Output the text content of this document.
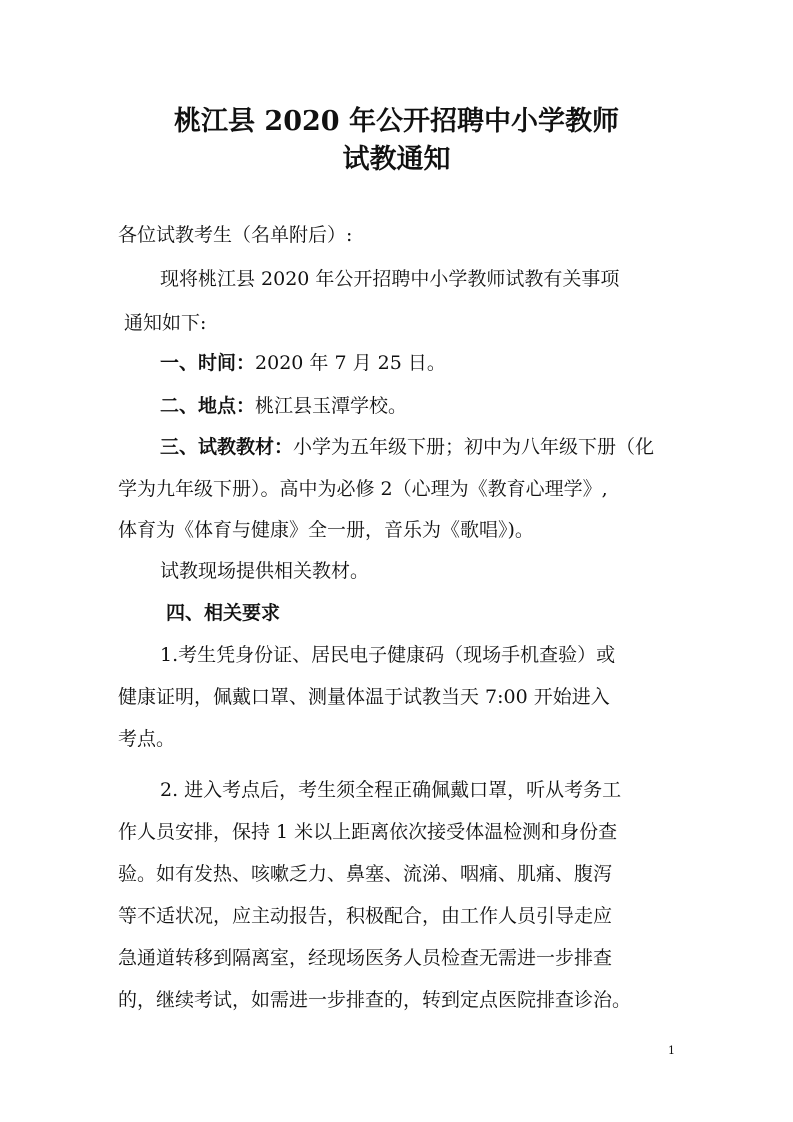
桃江县 2020 年公开招聘中小学教师
试教通知

各位试教考生（名单附后）:

现将桃江县 2020 年公开招聘中小学教师试教有关事项

通知如下:

一、时间：2020 年 7 月 25 日。

二、地点：桃江县玉潭学校。

三、试教教材：小学为五年级下册；初中为八年级下册（化

学为九年级下册）。高中为必修 2（心理为《教育心理学》,

体育为《体育与健康》全一册，音乐为《歌唱》)。

试教现场提供相关教材。

四、相关要求

1.考生凭身份证、居民电子健康码（现场手机查验）或

健康证明，佩戴口罩、测量体温于试教当天 7:00 开始进入

考点。

2. 进入考点后，考生须全程正确佩戴口罩，听从考务工

作人员安排，保持 1 米以上距离依次接受体温检测和身份查

验。如有发热、咳嗽乏力、鼻塞、流涕、咽痛、肌痛、腹泻

等不适状况，应主动报告，积极配合，由工作人员引导走应

急通道转移到隔离室，经现场医务人员检查无需进一步排查

的，继续考试，如需进一步排查的，转到定点医院排查诊治。

1
